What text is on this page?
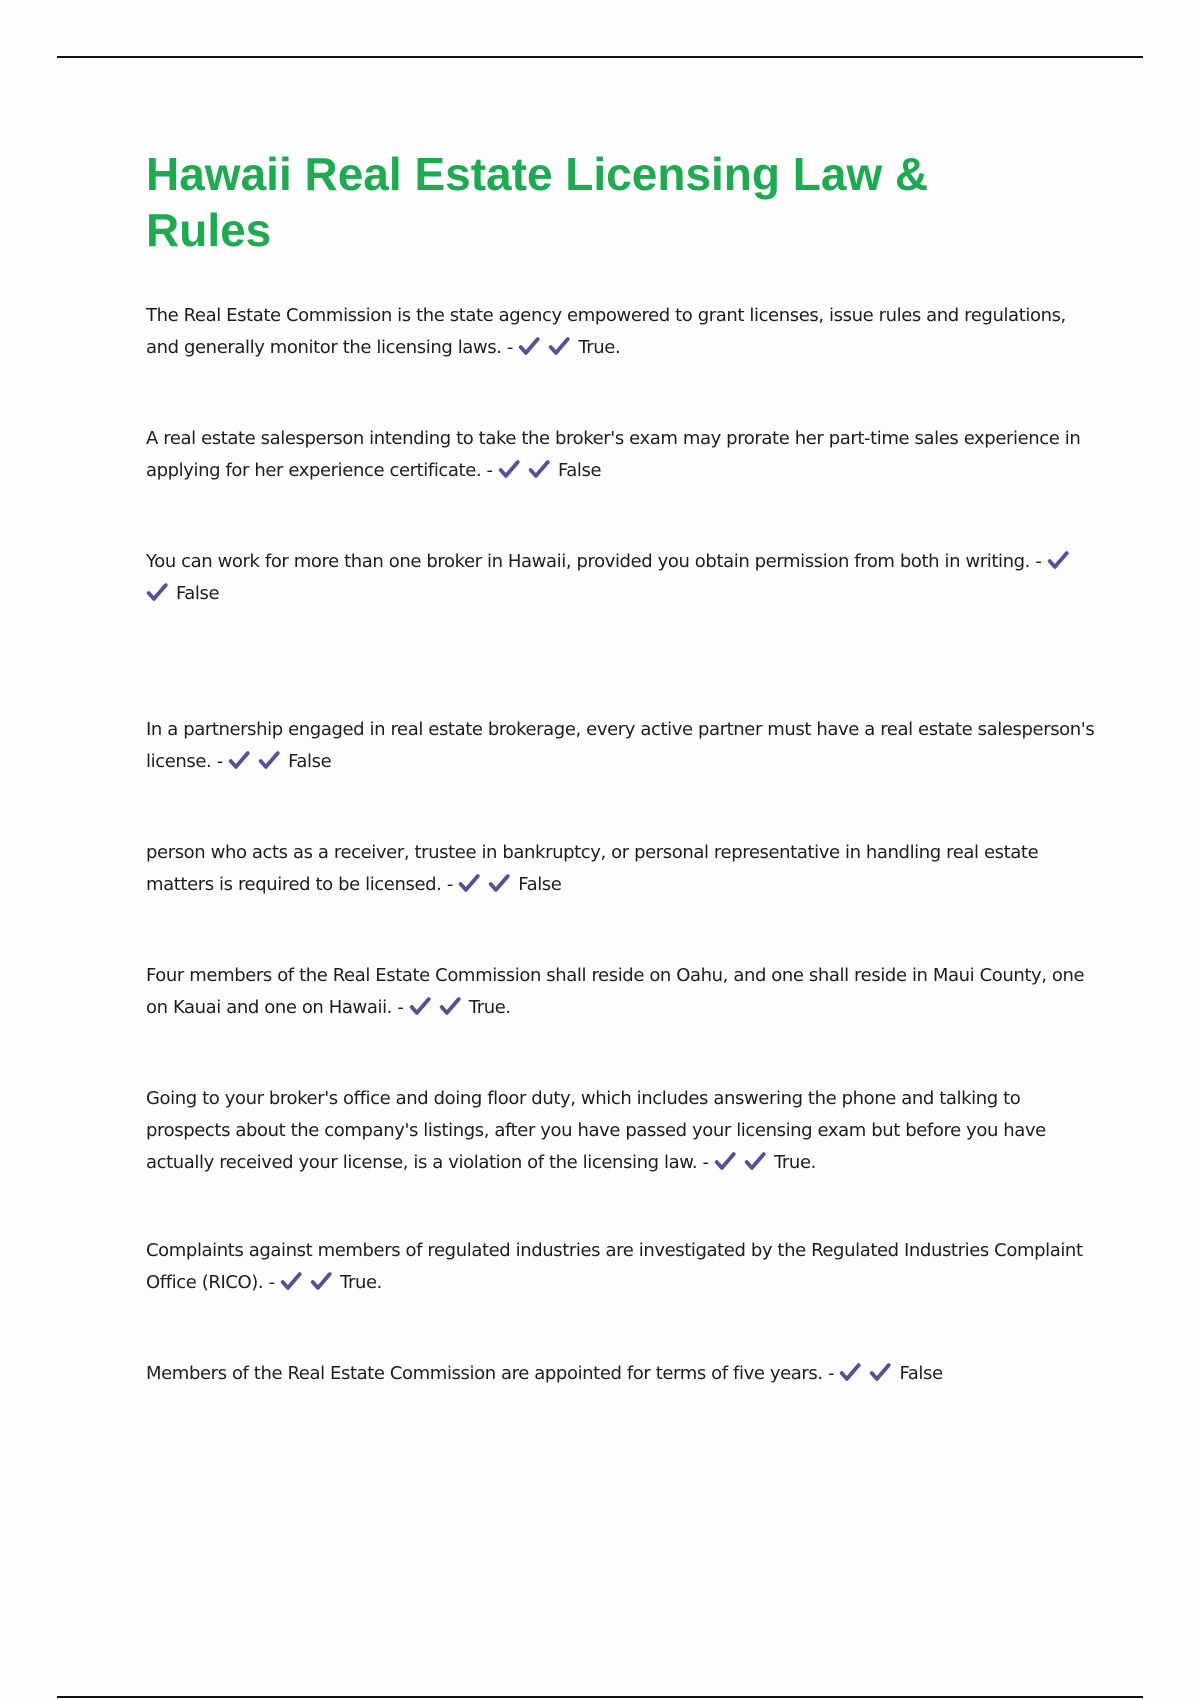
Hawaii Real Estate Licensing Law & Rules

The Real Estate Commission is the state agency empowered to grant licenses, issue rules and regulations, and generally monitor the licensing laws. -	True.

A real estate salesperson intending to take the broker's exam may prorate her part-time sales experience in applying for her experience certificate. -	False

You can work for more than one broker in Hawaii, provided you obtain permission from both in writing. -
False

In a partnership engaged in real estate brokerage, every active partner must have a real estate salesperson's license. -	False

person who acts as a receiver, trustee in bankruptcy, or personal representative in handling real estate matters is required to be licensed. -	False

Four members of the Real Estate Commission shall reside on Oahu, and one shall reside in Maui County, one on Kauai and one on Hawaii. -	True.

Going to your broker's office and doing floor duty, which includes answering the phone and talking to prospects about the company's listings, after you have passed your licensing exam but before you have actually received your license, is a violation of the licensing law. -	True.

Complaints against members of regulated industries are investigated by the Regulated Industries Complaint Office (RICO). -	True.

Members of the Real Estate Commission are appointed for terms of five years. -	False
